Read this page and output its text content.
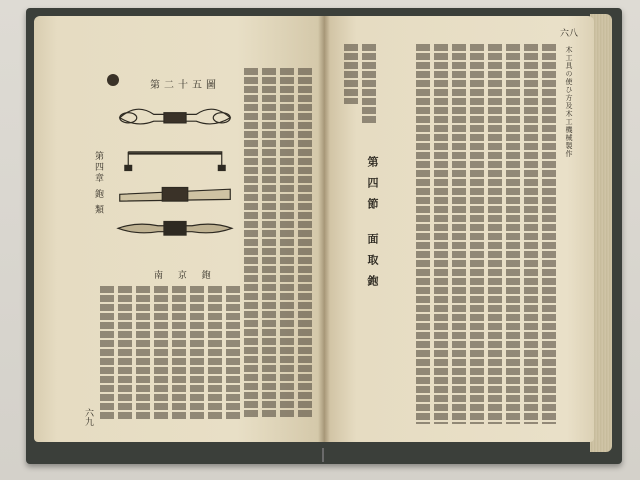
第四章 鉋 類
第二十五圖
南 京 鉋
六九
木工具の使ひ方及木工機械製作
第四節 面取鉋
六八
